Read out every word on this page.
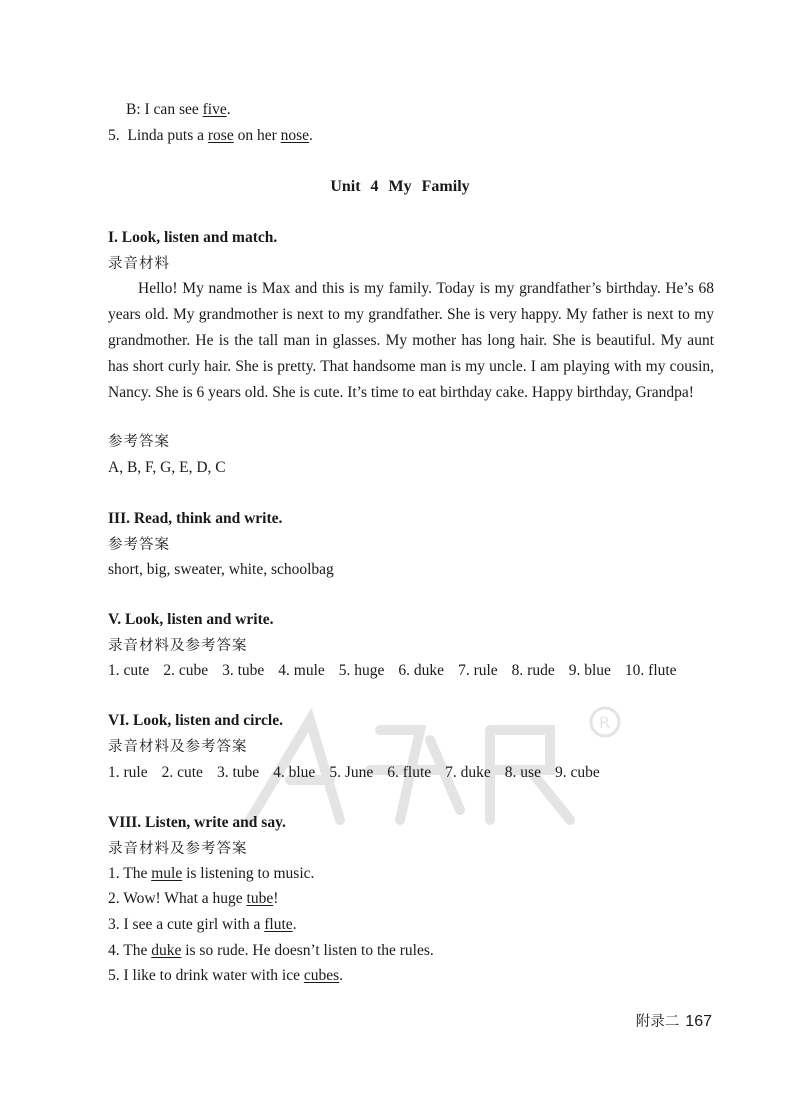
R
B: I can see five.
5. Linda puts a rose on her nose.
Unit 4 My Family
I. Look, listen and match.
录音材料
Hello! My name is Max and this is my family. Today is my grandfather’s birthday. He’s 68
years old. My grandmother is next to my grandfather. She is very happy. My father is next to my
grandmother. He is the tall man in glasses. My mother has long hair. She is beautiful. My aunt
has short curly hair. She is pretty. That handsome man is my uncle. I am playing with my cousin,
Nancy. She is 6 years old. She is cute. It’s time to eat birthday cake. Happy birthday, Grandpa!
参考答案
A, B, F, G, E, D, C
III. Read, think and write.
参考答案
short, big, sweater, white, schoolbag
V. Look, listen and write.
录音材料及参考答案
1. cute 2. cube 3. tube 4. mule 5. huge 6. duke 7. rule 8. rude 9. blue 10. flute
VI. Look, listen and circle.
录音材料及参考答案
1. rule 2. cute 3. tube 4. blue 5. June 6. flute 7. duke 8. use 9. cube
VIII. Listen, write and say.
录音材料及参考答案
1. The mule is listening to music.
2. Wow! What a huge tube!
3. I see a cute girl with a flute.
4. The duke is so rude. He doesn’t listen to the rules.
5. I like to drink water with ice cubes.
附录二 167
